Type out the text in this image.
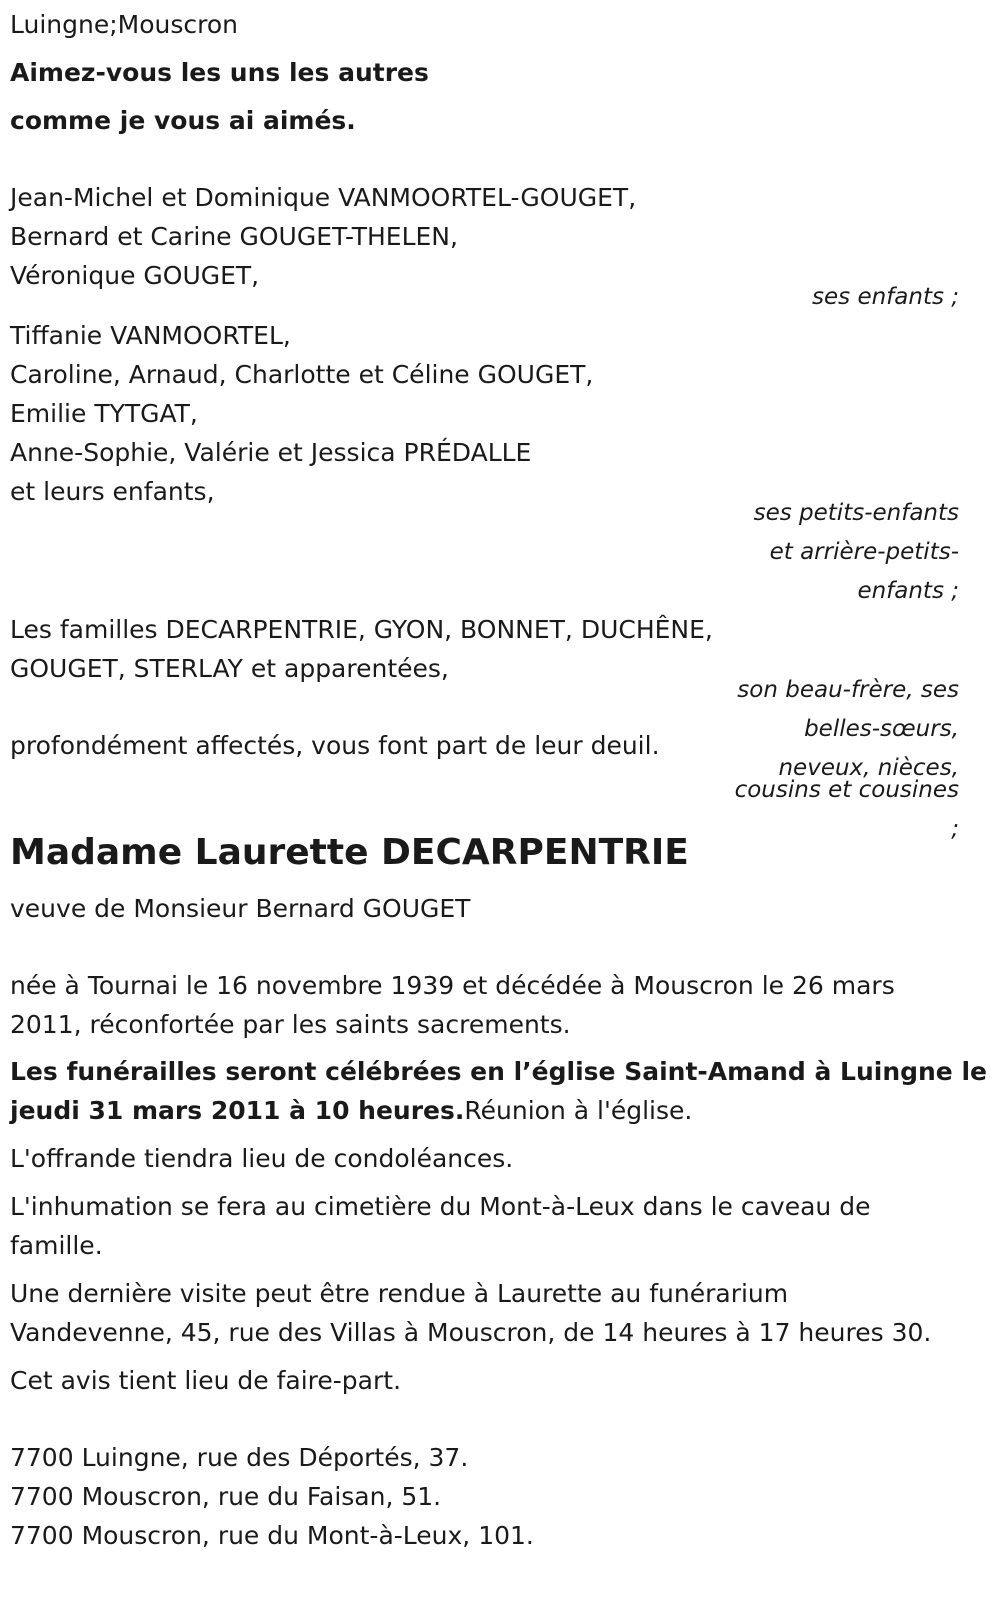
Luingne;Mouscron
Aimez-vous les uns les autres
comme je vous ai aimés.
Jean-Michel et Dominique VANMOORTEL-GOUGET,
Bernard et Carine GOUGET-THELEN,
Véronique GOUGET,
ses enfants ;
Tiffanie VANMOORTEL,
Caroline, Arnaud, Charlotte et Céline GOUGET,
Emilie TYTGAT,
Anne-Sophie, Valérie et Jessica PRÉDALLE
et leurs enfants,
ses petits-enfants
et arrière-petits-
enfants ;
Les familles DECARPENTRIE, GYON, BONNET, DUCHÊNE,
GOUGET, STERLAY et apparentées,
son beau-frère, ses
belles-sœurs,
neveux, nièces,
cousins et cousines
;
profondément affectés, vous font part de leur deuil.
Madame Laurette DECARPENTRIE
veuve de Monsieur Bernard GOUGET
née à Tournai le 16 novembre 1939 et décédée à Mouscron le 26 mars
2011, réconfortée par les saints sacrements.
Les funérailles seront célébrées en l’église Saint-Amand à Luingne le
jeudi 31 mars 2011 à 10 heures.Réunion à l'église.
L'offrande tiendra lieu de condoléances.
L'inhumation se fera au cimetière du Mont-à-Leux dans le caveau de
famille.
Une dernière visite peut être rendue à Laurette au funérarium
Vandevenne, 45, rue des Villas à Mouscron, de 14 heures à 17 heures 30.
Cet avis tient lieu de faire-part.
7700 Luingne, rue des Déportés, 37.
7700 Mouscron, rue du Faisan, 51.
7700 Mouscron, rue du Mont-à-Leux, 101.
